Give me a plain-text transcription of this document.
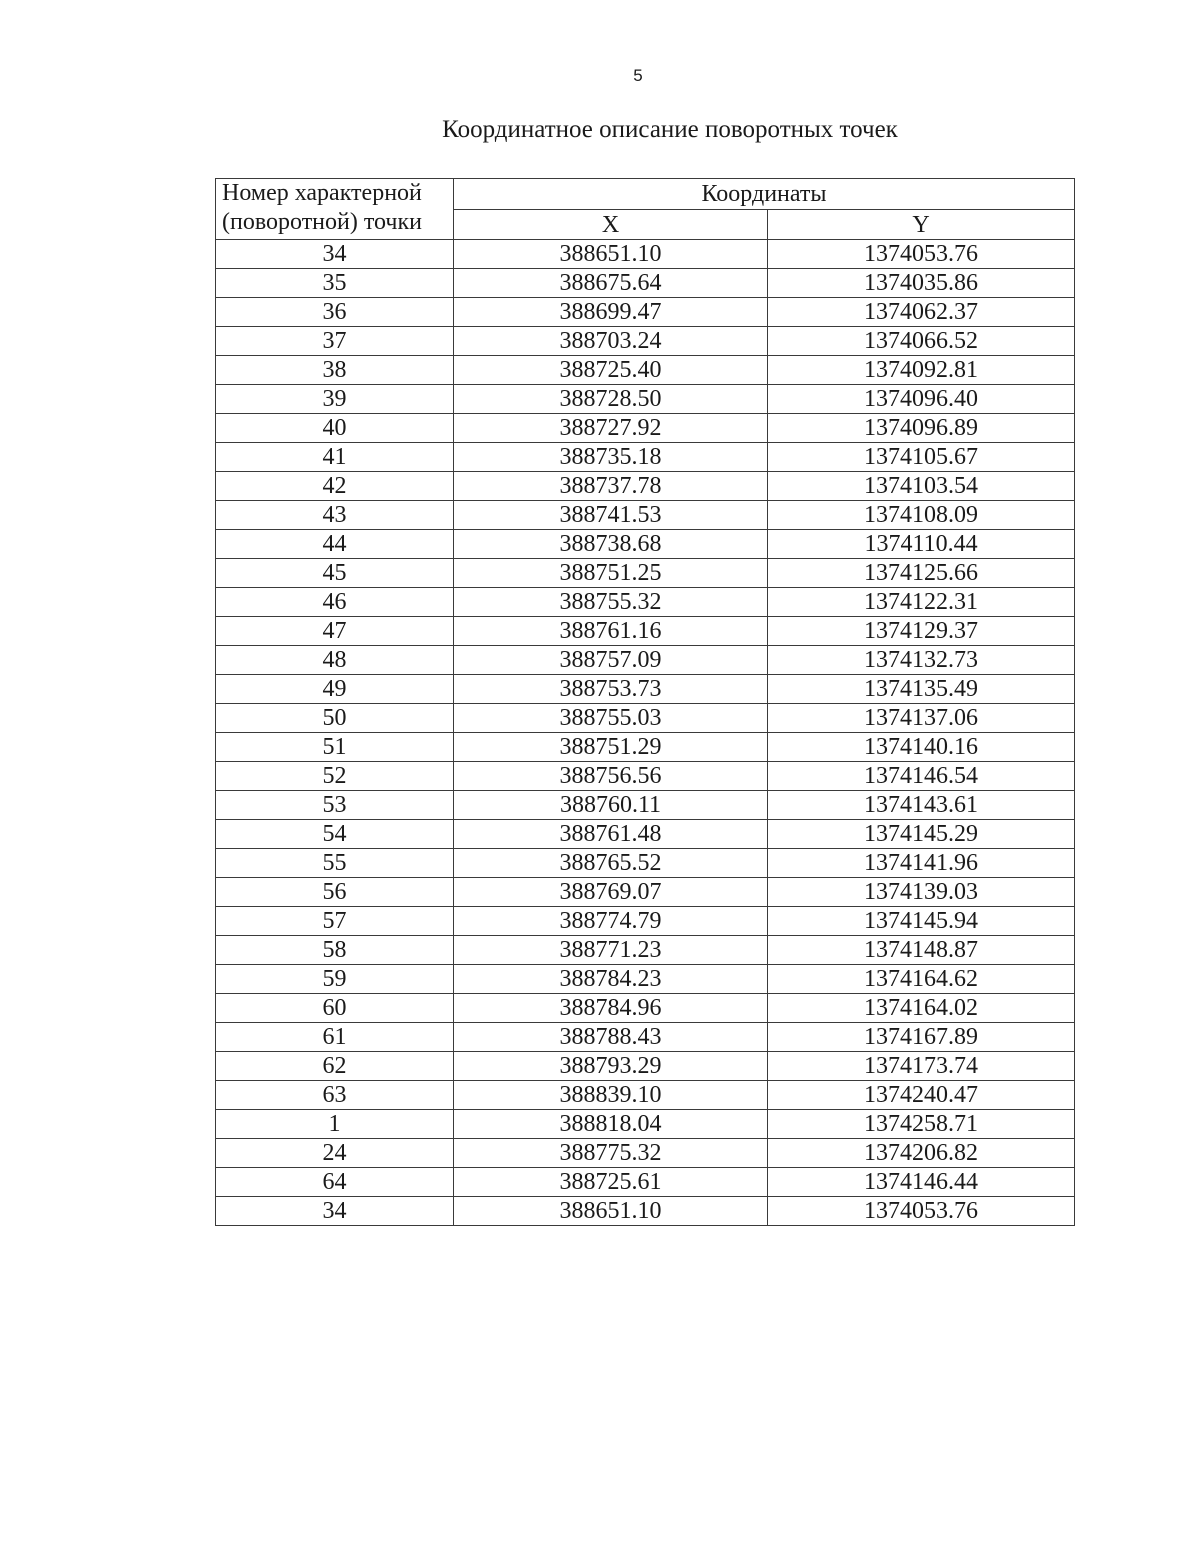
5
Координатное описание поворотных точек
Номер характерной
(поворотной) точки	Координаты	
	X	Y
34	388651.10	1374053.76
35	388675.64	1374035.86
36	388699.47	1374062.37
37	388703.24	1374066.52
38	388725.40	1374092.81
39	388728.50	1374096.40
40	388727.92	1374096.89
41	388735.18	1374105.67
42	388737.78	1374103.54
43	388741.53	1374108.09
44	388738.68	1374110.44
45	388751.25	1374125.66
46	388755.32	1374122.31
47	388761.16	1374129.37
48	388757.09	1374132.73
49	388753.73	1374135.49
50	388755.03	1374137.06
51	388751.29	1374140.16
52	388756.56	1374146.54
53	388760.11	1374143.61
54	388761.48	1374145.29
55	388765.52	1374141.96
56	388769.07	1374139.03
57	388774.79	1374145.94
58	388771.23	1374148.87
59	388784.23	1374164.62
60	388784.96	1374164.02
61	388788.43	1374167.89
62	388793.29	1374173.74
63	388839.10	1374240.47
1	388818.04	1374258.71
24	388775.32	1374206.82
64	388725.61	1374146.44
34	388651.10	1374053.76
